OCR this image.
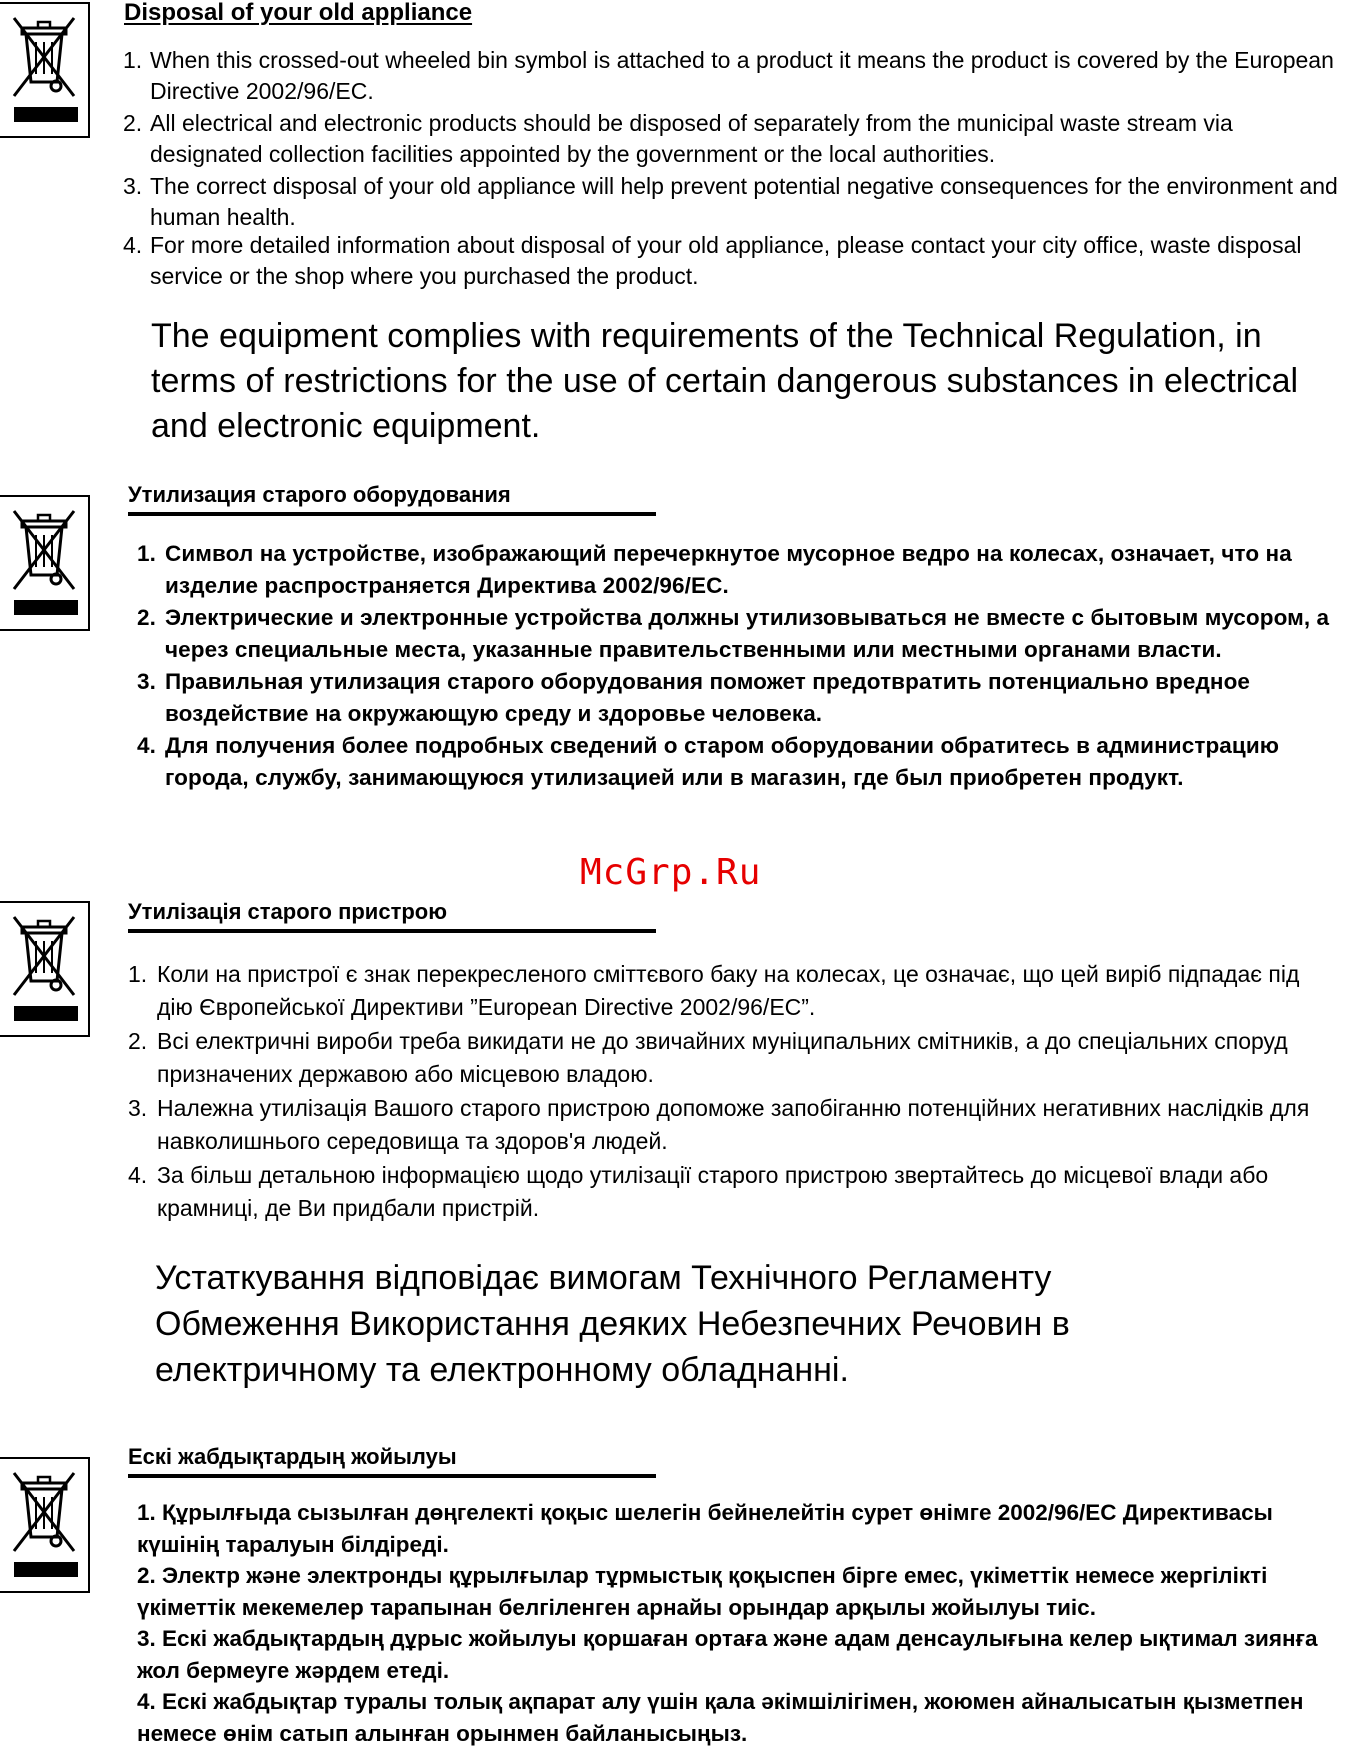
Disposal of your old appliance
1. When this crossed-out wheeled bin symbol is attached to a product it means the product is covered by the European Directive 2002/96/EC.
2. All electrical and electronic products should be disposed of separately from the municipal waste stream via designated collection facilities appointed by the government or the local authorities.
3. The correct disposal of your old appliance will help prevent potential negative consequences for the environment and human health.
4. For more detailed information about disposal of your old appliance, please contact your city office, waste disposal service or the shop where you purchased the product.

The equipment complies with requirements of the Technical Regulation, in terms of restrictions for the use of certain dangerous substances in electrical and electronic equipment.

Утилизация старого оборудования
1. Символ на устройстве, изображающий перечеркнутое мусорное ведро на колесах, означает, что на изделие распространяется Директива 2002/96/EC.
2. Электрические и электронные устройства должны утилизовываться не вместе с бытовым мусором, а через специальные места, указанные правительственными или местными органами власти.
3. Правильная утилизация старого оборудования поможет предотвратить потенциально вредное воздействие на окружающую среду и здоровье человека.
4. Для получения более подробных сведений о старом оборудовании обратитесь в администрацию города, службу, занимающуюся утилизацией или в магазин, где был приобретен продукт.

McGrp.Ru

Утилізація старого пристрою
1. Коли на пристрої є знак перекресленого сміттєвого баку на колесах, це означає, що цей виріб підпадає під дію Європейської Директиви ”European Directive 2002/96/EC”.
2. Всі електричні вироби треба викидати не до звичайних муніципальних смітників, а до спеціальних споруд призначених державою або місцевою владою.
3. Належна утилізація Вашого старого пристрою допоможе запобіганню потенційних негативних наслідків для навколишнього середовища та здоров'я людей.
4. За більш детальною інформацією щодо утилізації старого пристрою звертайтесь до місцевої влади або крамниці, де Ви придбали пристрій.

Устаткування відповідає вимогам Технічного Регламенту Обмеження Використання деяких Небезпечних Речовин в електричному та електронному обладнанні.

Ескі жабдықтардың жойылуы
1. Құрылғыда сызылған дөңгелекті қоқыс шелегін бейнелейтін сурет өнімге 2002/96/EC Директивасы күшінің таралуын білдіреді.
2. Электр және электронды құрылғылар тұрмыстық қоқыспен бірге емес, үкіметтік немесе жергілікті үкіметтік мекемелер тарапынан белгіленген арнайы орындар арқылы жойылуы тиіс.
3. Ескі жабдықтардың дұрыс жойылуы қоршаған ортаға және адам денсаулығына келер ықтимал зиянға жол бермеуге жәрдем етеді.
4. Ескі жабдықтар туралы толық ақпарат алу үшін қала әкімшілігімен, жоюмен айналысатын қызметпен немесе өнім сатып алынған орынмен байланысыңыз.
